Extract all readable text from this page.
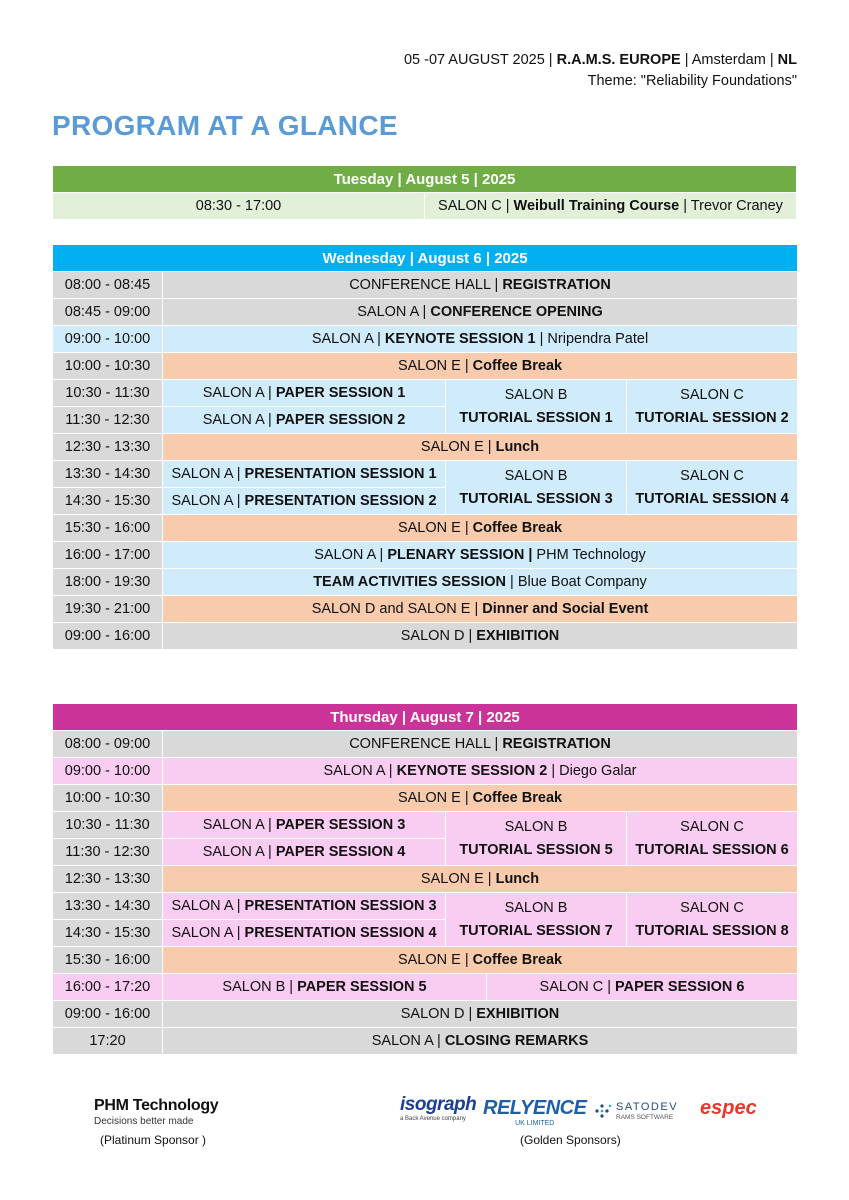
05 -07 AUGUST 2025 | R.A.M.S. EUROPE | Amsterdam | NL
Theme: "Reliability Foundations"
PROGRAM AT A GLANCE
Tuesday | August 5 | 2025
08:30 - 17:00	SALON C | Weibull Training Course | Trevor Craney
Wednesday | August 6 | 2025			
08:00 - 08:45	CONFERENCE HALL | REGISTRATION		
08:45 - 09:00	SALON A | CONFERENCE OPENING		
09:00 - 10:00	SALON A | KEYNOTE SESSION 1 | Nripendra Patel		
10:00 - 10:30	SALON E | Coffee Break		
10:30 - 11:30	SALON A | PAPER SESSION 1	SALON B
TUTORIAL SESSION 1	SALON C
TUTORIAL SESSION 2
11:30 - 12:30	SALON A | PAPER SESSION 2		
12:30 - 13:30	SALON E | Lunch		
13:30 - 14:30	SALON A | PRESENTATION SESSION 1	SALON B
TUTORIAL SESSION 3	SALON C
TUTORIAL SESSION 4
14:30 - 15:30	SALON A | PRESENTATION SESSION 2		
15:30 - 16:00	SALON E | Coffee Break		
16:00 - 17:00	SALON A | PLENARY SESSION | PHM Technology		
18:00 - 19:30	TEAM ACTIVITIES SESSION | Blue Boat Company		
19:30 - 21:00	SALON D and SALON E | Dinner and Social Event		
09:00 - 16:00	SALON D | EXHIBITION		
Thursday | August 7 | 2025				
08:00 - 09:00	CONFERENCE HALL | REGISTRATION			
09:00 - 10:00	SALON A | KEYNOTE SESSION 2 | Diego Galar			
10:00 - 10:30	SALON E | Coffee Break			
10:30 - 11:30	SALON A | PAPER SESSION 3	SALON B
TUTORIAL SESSION 5		SALON C
TUTORIAL SESSION 6
11:30 - 12:30	SALON A | PAPER SESSION 4			
12:30 - 13:30	SALON E | Lunch			
13:30 - 14:30	SALON A | PRESENTATION SESSION 3	SALON B
TUTORIAL SESSION 7		SALON C
TUTORIAL SESSION 8
14:30 - 15:30	SALON A | PRESENTATION SESSION 4			
15:30 - 16:00	SALON E | Coffee Break			
16:00 - 17:20	SALON B | PAPER SESSION 5		SALON C | PAPER SESSION 6	
09:00 - 16:00	SALON D | EXHIBITION			
17:20	SALON A | CLOSING REMARKS			
PHM Technology
Decisions better made
(Platinum Sponsor )
isograph
a Back Avenue company RELYENCE
UK LIMITED
SATODEV
RAMS SOFTWARE espec
(Golden Sponsors)
